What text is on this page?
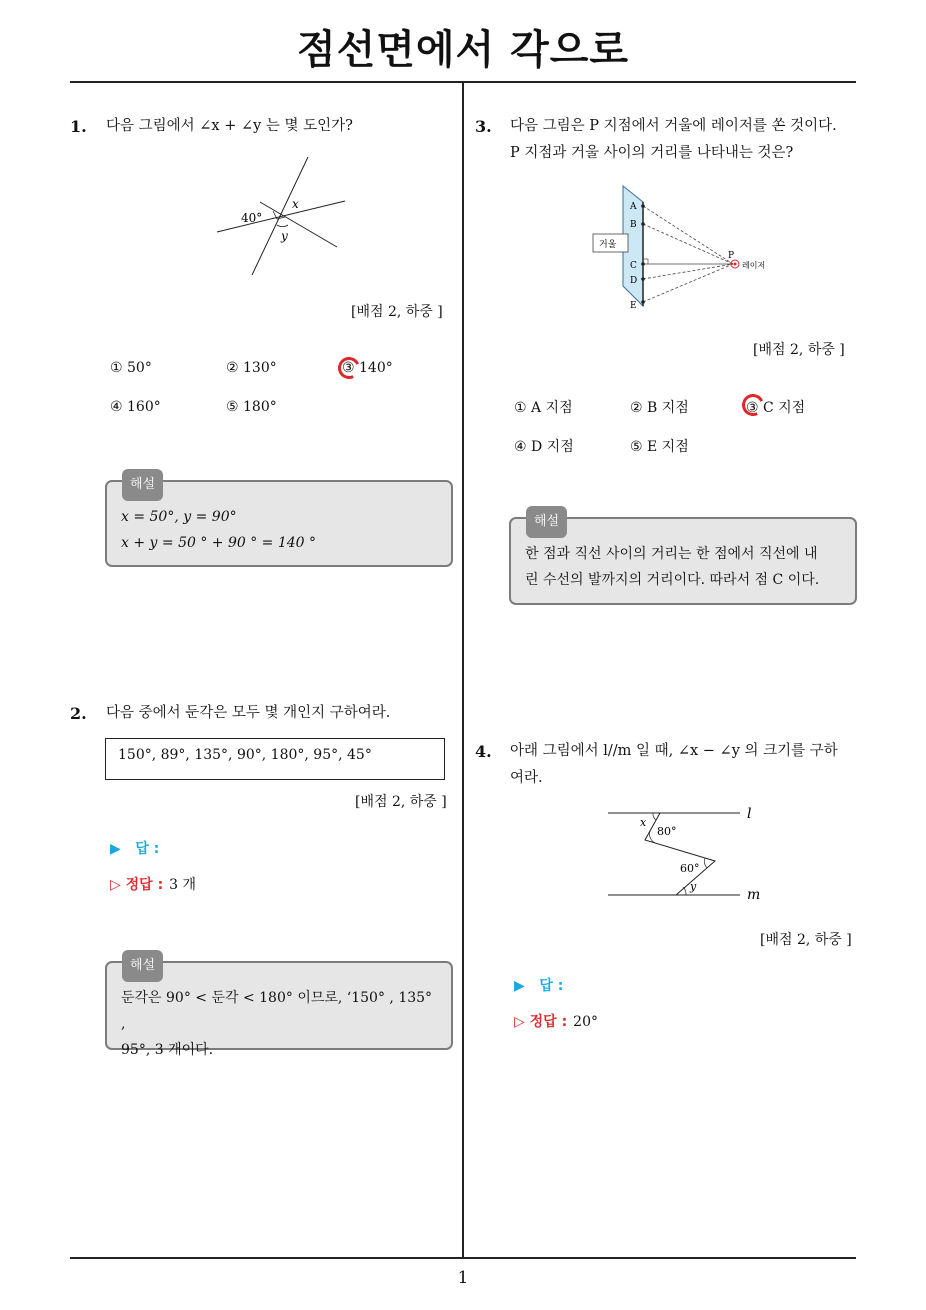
점선면에서 각으로
1
1. 다음 그림에서 ∠x + ∠y 는 몇 도인가?
40°
x
y
[배점 2, 하중 ]
① 50°	② 130°	③ 140°
④ 160°	⑤ 180°
해설
x = 50°, y = 90°
x + y = 50 ° + 90 ° = 140 °
2. 다음 중에서 둔각은 모두 몇 개인지 구하여라.
150°, 89°, 135°, 90°, 180°, 95°, 45°
[배점 2, 하중 ]
▶   답 :
▷ 정답 : 3 개
해설
둔각은 90° < 둔각 < 180° 이므로, ‘150° , 135° ,
95°, 3 개이다.
3. 다음 그림은 P 지점에서 거울에 레이저를 쏜 것이다.
P 지점과 거울 사이의 거리를 나타내는 것은?
A
B
C
D
E
거울
P
레이저
[배점 2, 하중 ]
① A 지점	② B 지점	③ C 지점
④ D 지점	⑤ E 지점
해설
한 점과 직선 사이의 거리는 한 점에서 직선에 내
린 수선의 발까지의 거리이다. 따라서 점 C 이다.
4. 아래 그림에서 l//m 일 때, ∠x − ∠y 의 크기를 구하
여라.
l
m
x
80°
60°
y
[배점 2, 하중 ]
▶   답 :
▷ 정답 : 20°
